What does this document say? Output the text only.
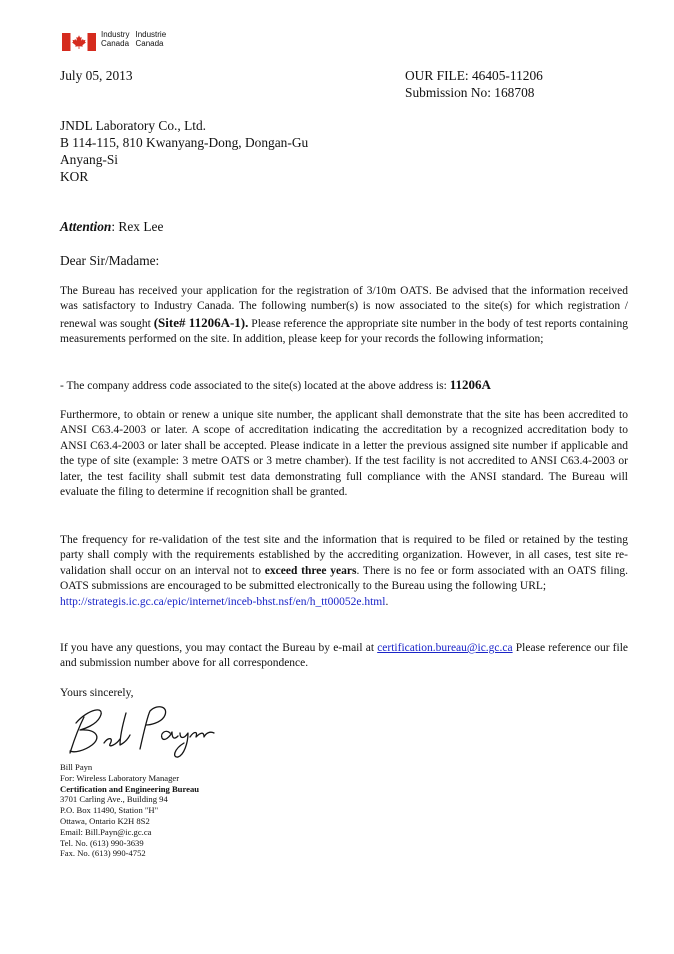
Industry
Canada
Industrie
Canada
July 05, 2013	OUR FILE: 46405-11206
Submission No: 168708
JNDL Laboratory Co., Ltd.
B 114-115, 810 Kwanyang-Dong, Dongan-Gu
Anyang-Si
KOR
Attention: Rex Lee
Dear Sir/Madame:

The Bureau has received your application for the registration of 3/10m OATS. Be advised that the information received was satisfactory to Industry Canada. The following number(s) is now associated to the site(s) for which registration / renewal was sought (Site# 11206A-1). Please reference the appropriate site number in the body of test reports containing measurements performed on the site. In addition, please keep for your records the following information;

- The company address code associated to the site(s) located at the above address is: 11206A

Furthermore, to obtain or renew a unique site number, the applicant shall demonstrate that the site has been accredited to ANSI C63.4-2003 or later. A scope of accreditation indicating the accreditation by a recognized accreditation body to ANSI C63.4-2003 or later shall be accepted. Please indicate in a letter the previous assigned site number if applicable and the type of site (example: 3 metre OATS or 3 metre chamber). If the test facility is not accredited to ANSI C63.4-2003 or later, the test facility shall submit test data demonstrating full compliance with the ANSI standard. The Bureau will evaluate the filing to determine if recognition shall be granted.

The frequency for re-validation of the test site and the information that is required to be filed or retained by the testing party shall comply with the requirements established by the accrediting organization. However, in all cases, test site re-validation shall occur on an interval not to exceed three years. There is no fee or form associated with an OATS filing. OATS submissions are encouraged to be submitted electronically to the Bureau using the following URL;
http://strategis.ic.gc.ca/epic/internet/inceb-bhst.nsf/en/h_tt00052e.html.

If you have any questions, you may contact the Bureau by e-mail at certification.bureau@ic.gc.ca Please reference our file and submission number above for all correspondence.

Yours sincerely,
Bill Payn
For: Wireless Laboratory Manager
Certification and Engineering Bureau
3701 Carling Ave., Building 94
P.O. Box 11490, Station "H"
Ottawa, Ontario K2H 8S2
Email: Bill.Payn@ic.gc.ca
Tel. No. (613) 990-3639
Fax. No. (613) 990-4752
